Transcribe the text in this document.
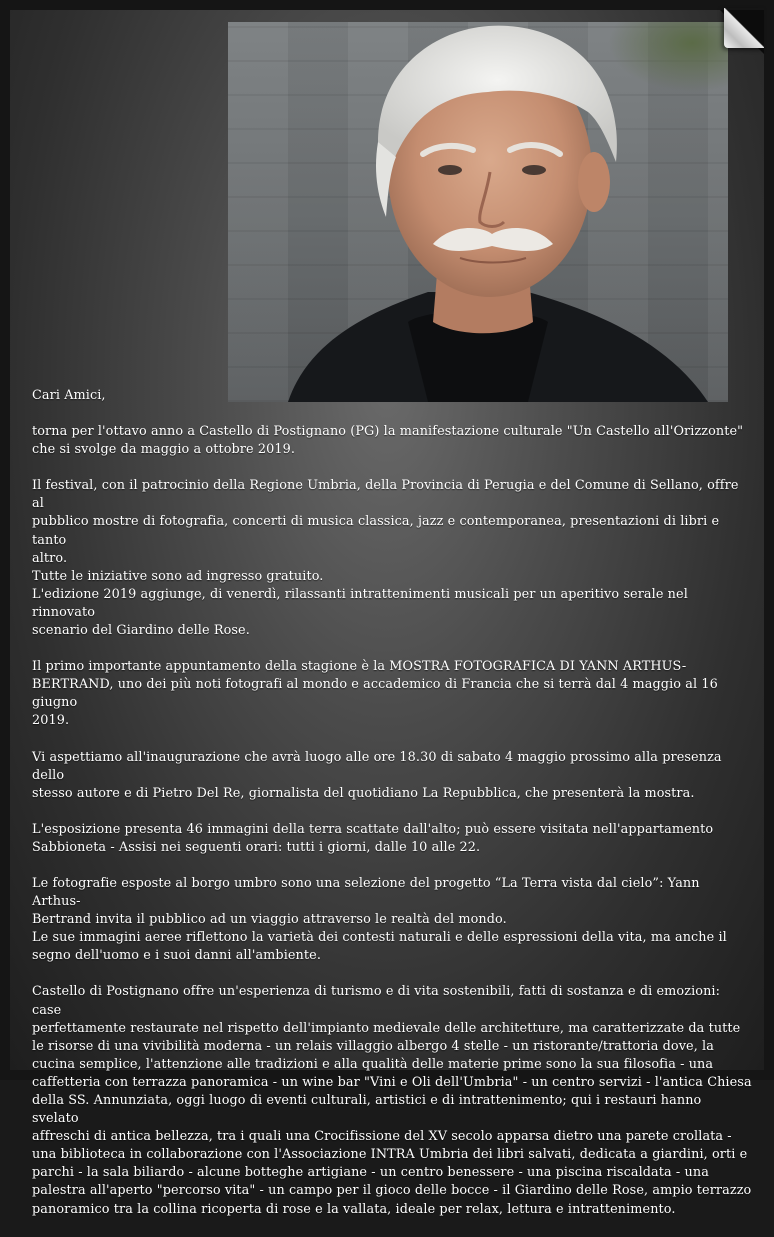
Cari Amici,

torna per l'ottavo anno a Castello di Postignano (PG) la manifestazione culturale "Un Castello all'Orizzonte"
che si svolge da maggio a ottobre 2019.

Il festival, con il patrocinio della Regione Umbria, della Provincia di Perugia e del Comune di Sellano, offre al
pubblico mostre di fotografia, concerti di musica classica, jazz e contemporanea, presentazioni di libri e tanto
altro.
Tutte le iniziative sono ad ingresso gratuito.
L'edizione 2019 aggiunge, di venerdì, rilassanti intrattenimenti musicali per un aperitivo serale nel rinnovato
scenario del Giardino delle Rose.

Il primo importante appuntamento della stagione è la MOSTRA FOTOGRAFICA DI YANN ARTHUS-
BERTRAND, uno dei più noti fotografi al mondo e accademico di Francia che si terrà dal 4 maggio al 16 giugno
2019.

Vi aspettiamo all'inaugurazione che avrà luogo alle ore 18.30 di sabato 4 maggio prossimo alla presenza dello
stesso autore e di Pietro Del Re, giornalista del quotidiano La Repubblica, che presenterà la mostra.

L'esposizione presenta 46 immagini della terra scattate dall'alto; può essere visitata nell'appartamento
Sabbioneta - Assisi nei seguenti orari: tutti i giorni, dalle 10 alle 22.

Le fotografie esposte al borgo umbro sono una selezione del progetto “La Terra vista dal cielo”: Yann Arthus-
Bertrand invita il pubblico ad un viaggio attraverso le realtà del mondo.
Le sue immagini aeree riflettono la varietà dei contesti naturali e delle espressioni della vita, ma anche il
segno dell'uomo e i suoi danni all'ambiente.

Castello di Postignano offre un'esperienza di turismo e di vita sostenibili, fatti di sostanza e di emozioni: case
perfettamente restaurate nel rispetto dell'impianto medievale delle architetture, ma caratterizzate da tutte
le risorse di una vivibilità moderna - un relais villaggio albergo 4 stelle - un ristorante/trattoria dove, la
cucina semplice, l'attenzione alle tradizioni e alla qualità delle materie prime sono la sua filosofia - una
caffetteria con terrazza panoramica - un wine bar "Vini e Oli dell'Umbria" - un centro servizi - l'antica Chiesa
della SS. Annunziata, oggi luogo di eventi culturali, artistici e di intrattenimento; qui i restauri hanno svelato
affreschi di antica bellezza, tra i quali una Crocifissione del XV secolo apparsa dietro una parete crollata -
una biblioteca in collaborazione con l'Associazione INTRA Umbria dei libri salvati, dedicata a giardini, orti e
parchi - la sala biliardo - alcune botteghe artigiane - un centro benessere - una piscina riscaldata - una
palestra all'aperto "percorso vita" - un campo per il gioco delle bocce - il Giardino delle Rose, ampio terrazzo
panoramico tra la collina ricoperta di rose e la vallata, ideale per relax, lettura e intrattenimento.
